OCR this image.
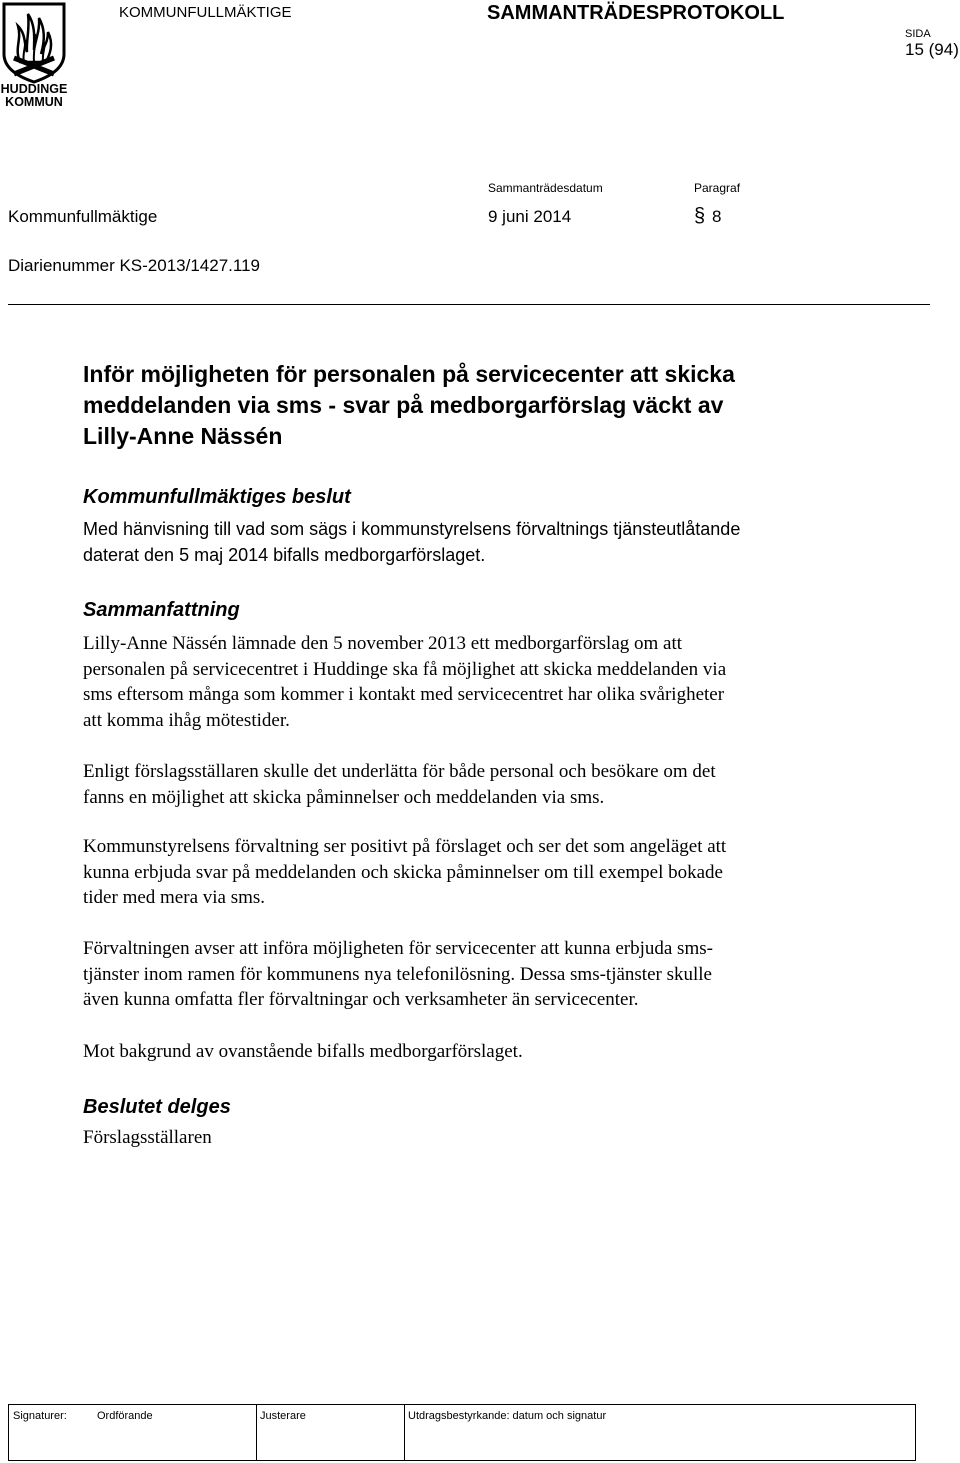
HUDDINGE
KOMMUN
KOMMUNFULLMÄKTIGE	SAMMANTRÄDESPROTOKOLL
SIDA
15 (94)
Sammanträdesdatum	Paragraf
Kommunfullmäktige	9 juni 2014	§ 8
Diarienummer KS-2013/1427.119
Inför möjligheten för personalen på servicecenter att skicka
meddelanden via sms - svar på medborgarförslag väckt av
Lilly-Anne Nässén
Kommunfullmäktiges beslut
Med hänvisning till vad som sägs i kommunstyrelsens förvaltnings tjänsteutlåtande
daterat den 5 maj 2014 bifalls medborgarförslaget.
Sammanfattning
Lilly-Anne Nässén lämnade den 5 november 2013 ett medborgarförslag om att
personalen på servicecentret i Huddinge ska få möjlighet att skicka meddelanden via
sms eftersom många som kommer i kontakt med servicecentret har olika svårigheter
att komma ihåg mötestider.
Enligt förslagsställaren skulle det underlätta för både personal och besökare om det
fanns en möjlighet att skicka påminnelser och meddelanden via sms.
Kommunstyrelsens förvaltning ser positivt på förslaget och ser det som angeläget att
kunna erbjuda svar på meddelanden och skicka påminnelser om till exempel bokade
tider med mera via sms.
Förvaltningen avser att införa möjligheten för servicecenter att kunna erbjuda sms-
tjänster inom ramen för kommunens nya telefonilösning. Dessa sms-tjänster skulle
även kunna omfatta fler förvaltningar och verksamheter än servicecenter.
Mot bakgrund av ovanstående bifalls medborgarförslaget.
Beslutet delges
Förslagsställaren
Signaturer:	Ordförande	Justerare	Utdragsbestyrkande: datum och signatur
